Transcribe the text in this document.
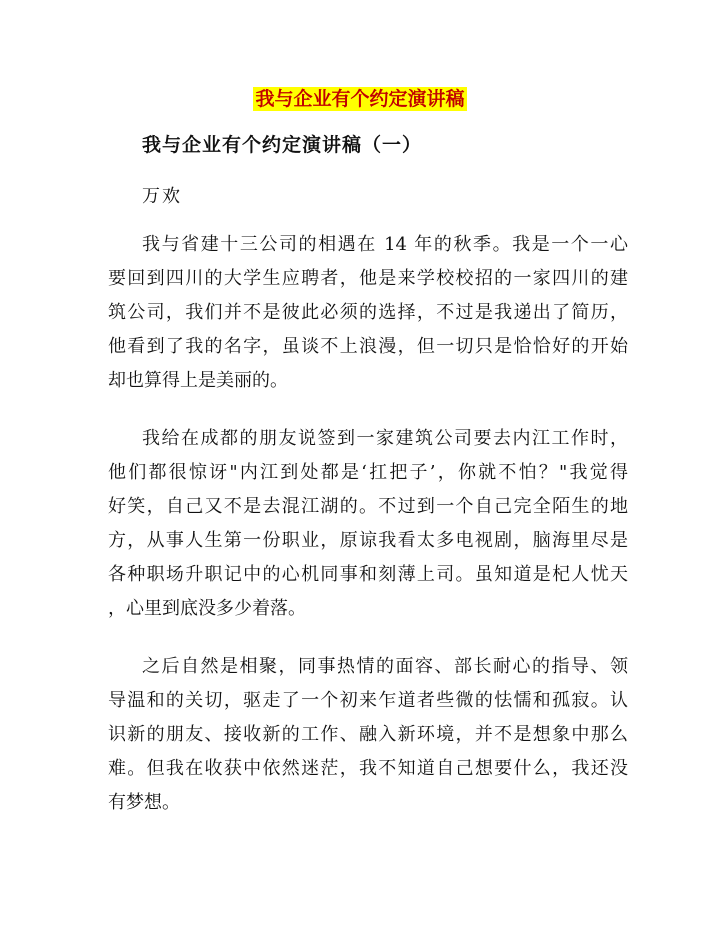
我与企业有个约定演讲稿
我与企业有个约定演讲稿（一）
万欢
我与省建十三公司的相遇在 14 年的秋季。我是一个一心
要回到四川的大学生应聘者，他是来学校校招的一家四川的建
筑公司，我们并不是彼此必须的选择，不过是我递出了简历，
他看到了我的名字，虽谈不上浪漫，但一切只是恰恰好的开始
却也算得上是美丽的。
我给在成都的朋友说签到一家建筑公司要去内江工作时，
他们都很惊讶"内江到处都是‘扛把子’，你就不怕？"我觉得
好笑，自己又不是去混江湖的。不过到一个自己完全陌生的地
方，从事人生第一份职业，原谅我看太多电视剧，脑海里尽是
各种职场升职记中的心机同事和刻薄上司。虽知道是杞人忧天
，心里到底没多少着落。
之后自然是相聚，同事热情的面容、部长耐心的指导、领
导温和的关切，驱走了一个初来乍道者些微的怯懦和孤寂。认
识新的朋友、接收新的工作、融入新环境，并不是想象中那么
难。但我在收获中依然迷茫，我不知道自己想要什么，我还没
有梦想。
